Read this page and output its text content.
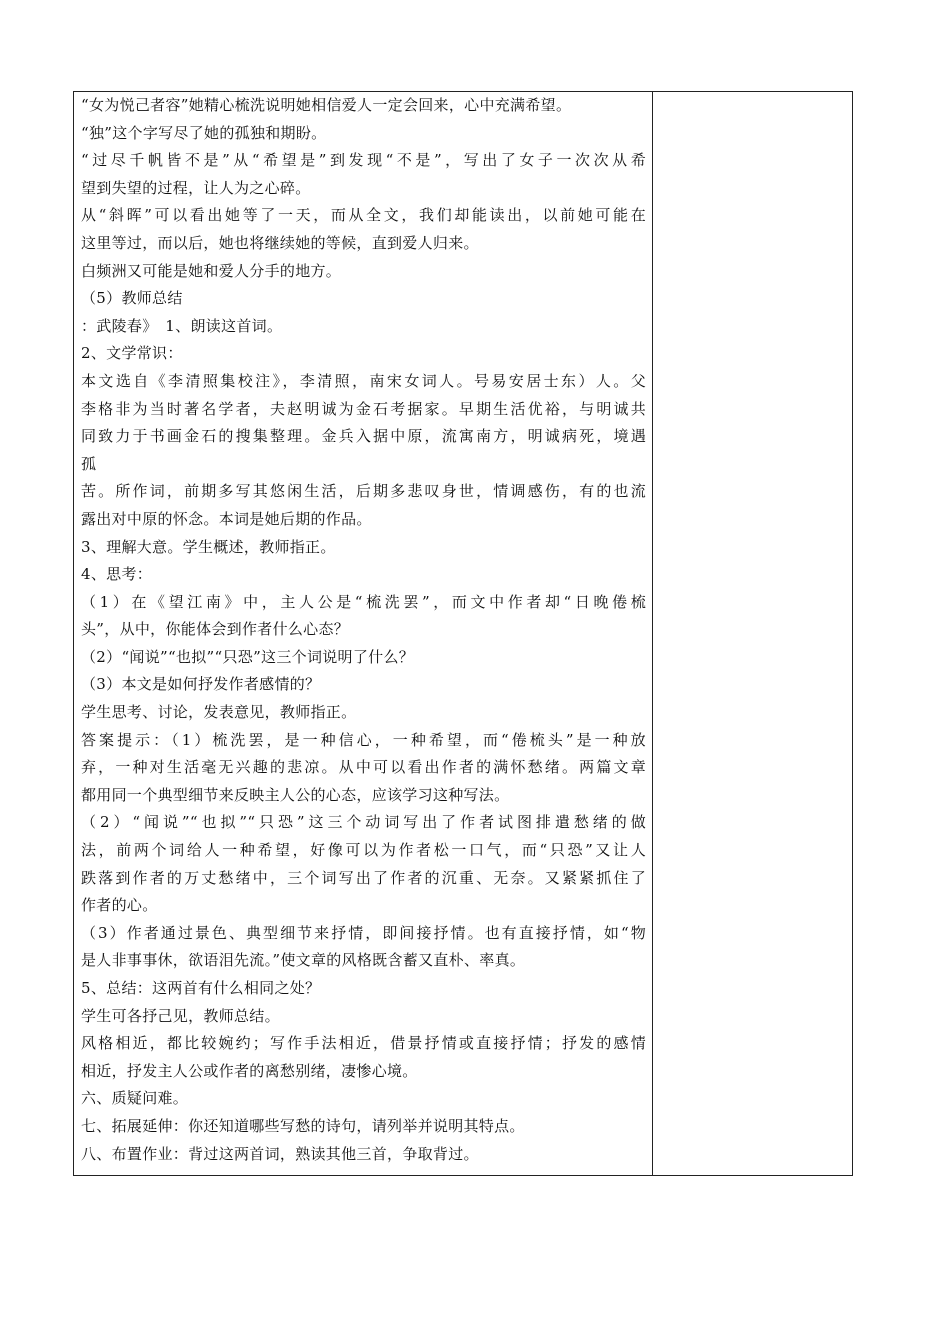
“女为悦己者容”她精心梳洗说明她相信爱人一定会回来，心中充满希望。
“独”这个字写尽了她的孤独和期盼。
“过尽千帆皆不是”从“希望是”到发现“不是”，写出了女子一次次从希
望到失望的过程，让人为之心碎。
从“斜晖”可以看出她等了一天，而从全文，我们却能读出，以前她可能在
这里等过，而以后，她也将继续她的等候，直到爱人归来。
白频洲又可能是她和爱人分手的地方。
（5）教师总结
：武陵春》　1、朗读这首词。
2、文学常识：
本文选自《李清照集校注》，李清照，南宋女词人。号易安居士东）人。父
李格非为当时著名学者，夫赵明诚为金石考据家。早期生活优裕，与明诚共
同致力于书画金石的搜集整理。金兵入据中原，流寓南方，明诚病死，境遇
孤
苦。所作词，前期多写其悠闲生活，后期多悲叹身世，情调感伤，有的也流
露出对中原的怀念。本词是她后期的作品。
3、理解大意。学生概述，教师指正。
4、思考：
（1）在《望江南》中，主人公是“梳洗罢”，而文中作者却“日晚倦梳
头”，从中，你能体会到作者什么心态？
（2）“闻说”“也拟”“只恐”这三个词说明了什么？
（3）本文是如何抒发作者感情的？
学生思考、讨论，发表意见，教师指正。
答案提示：（1）梳洗罢，是一种信心，一种希望，而“倦梳头”是一种放
弃，一种对生活毫无兴趣的悲凉。从中可以看出作者的满怀愁绪。两篇文章
都用同一个典型细节来反映主人公的心态，应该学习这种写法。
（2）“闻说”“也拟”“只恐”这三个动词写出了作者试图排遣愁绪的做
法，前两个词给人一种希望，好像可以为作者松一口气，而“只恐”又让人
跌落到作者的万丈愁绪中，三个词写出了作者的沉重、无奈。又紧紧抓住了
作者的心。
（3）作者通过景色、典型细节来抒情，即间接抒情。也有直接抒情，如“物
是人非事事休，欲语泪先流。”使文章的风格既含蓄又直朴、率真。
5、总结：这两首有什么相同之处？
学生可各抒己见，教师总结。
风格相近，都比较婉约；写作手法相近，借景抒情或直接抒情；抒发的感情
相近，抒发主人公或作者的离愁别绪，凄惨心境。
六、质疑问难。
七、拓展延伸：你还知道哪些写愁的诗句，请列举并说明其特点。
八、布置作业：背过这两首词，熟读其他三首，争取背过。
